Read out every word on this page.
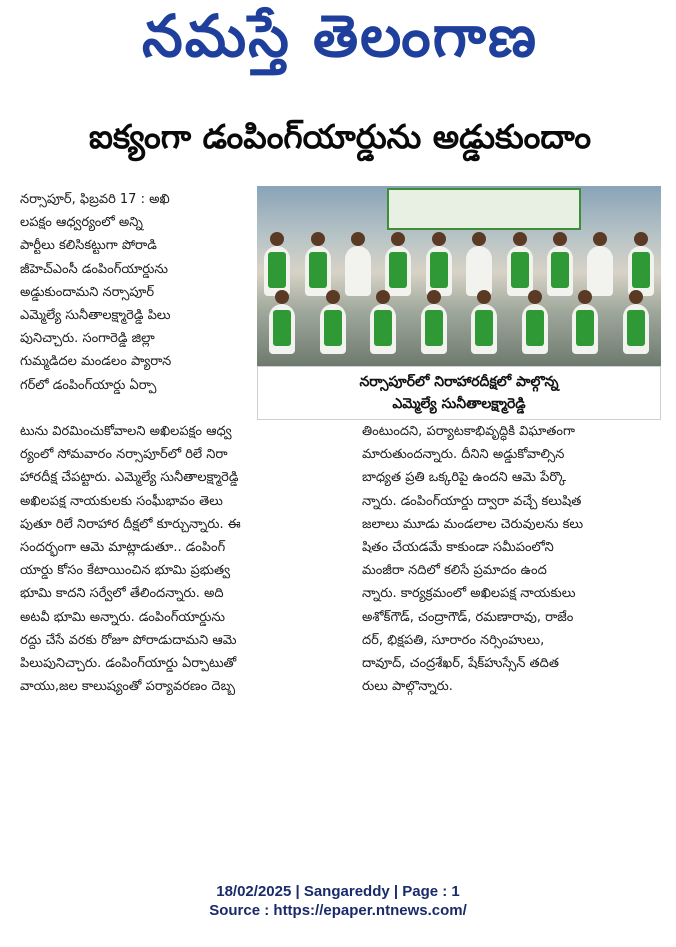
నమస్తే తెలంగాణ
ఐక్యంగా డంపింగ్‌యార్డును అడ్డుకుందాం
నర్సాపూర్, ఫిబ్రవరి 17 : అఖి
లపక్షం ఆధ్వర్యంలో అన్ని
పార్టీలు కలిసికట్టుగా పోరాడి
జీహెచ్‌ఎంసీ డంపింగ్‌యార్డును
అడ్డుకుందామని నర్సాపూర్
ఎమ్మెల్యే సునీతాలక్ష్మారెడ్డి పిలు
పునిచ్చారు. సంగారెడ్డి జిల్లా
గుమ్మడిదల మండలం ప్యారాన
గర్‌లో డంపింగ్‌యార్డు ఏర్పా	నర్సాపూర్‌లో నిరాహారదీక్షలో పాల్గొన్న
ఎమ్మెల్యే సునీతాలక్ష్మారెడ్డి
టును విరమించుకోవాలని అఖిలపక్షం ఆధ్వ
ర్యంలో సోమవారం నర్సాపూర్‌లో రిలే నిరా
హారదీక్ష చేపట్టారు. ఎమ్మెల్యే సునీతాలక్ష్మారెడ్డి
అఖిలపక్ష నాయకులకు సంఘీభావం తెలు
పుతూ రిలే నిరాహార దీక్షలో కూర్చున్నారు. ఈ
సందర్భంగా ఆమె మాట్లాడుతూ.. డంపింగ్
యార్డు కోసం కేటాయించిన భూమి ప్రభుత్వ
భూమి కాదని సర్వేలో తేలిందన్నారు. అది
అటవీ భూమి అన్నారు. డంపింగ్‌యార్డును
రద్దు చేసే వరకు రోజూ పోరాడుదామని ఆమె
పిలుపునిచ్చారు. డంపింగ్‌యార్డు ఏర్పాటుతో
వాయు,జల కాలుష్యంతో పర్యావరణం దెబ్బ
తింటుందని, పర్యాటకాభివృద్ధికి విఘాతంగా
మారుతుందన్నారు. దీనిని అడ్డుకోవాల్సిన
బాధ్యత ప్రతి ఒక్కరిపై ఉందని ఆమె పేర్కొ
న్నారు. డంపింగ్‌యార్డు ద్వారా వచ్చే కలుషిత
జలాలు మూడు మండలాల చెరువులను కలు
షితం చేయడమే కాకుండా సమీపంలోని
మంజీరా నదిలో కలిసే ప్రమాదం ఉంద
న్నారు. కార్యక్రమంలో అఖిలపక్ష నాయకులు
అశోక్‌గౌడ్, చంద్రాగౌడ్, రమణారావు, రాజేం
దర్, భిక్షపతి, సూరారం నర్సింహులు,
దావూద్, చంద్రశేఖర్, షేక్‌హుస్సేన్ తదిత
రులు పాల్గొన్నారు.
18/02/2025 | Sangareddy | Page : 1
Source : https://epaper.ntnews.com/
